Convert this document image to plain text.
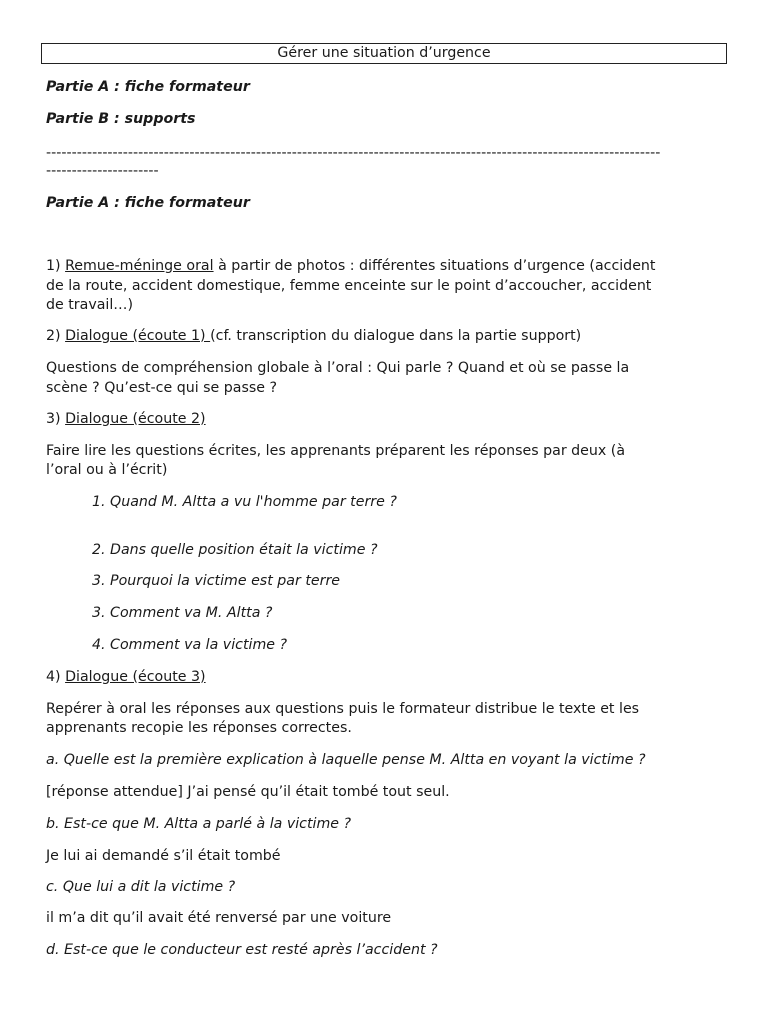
Gérer une situation d’urgence
Partie A : fiche formateur
Partie B : supports
------------------------------------------------------------------------------------------------------------------------
----------------------
Partie A : fiche formateur
1) Remue-méninge oral à partir de photos : différentes situations d’urgence (accident
de la route, accident domestique, femme enceinte sur le point d’accoucher, accident
de travail…)
2) Dialogue (écoute 1) (cf. transcription du dialogue dans la partie support)
Questions de compréhension globale à l’oral : Qui parle ? Quand et où se passe la
scène ? Qu’est-ce qui se passe ?
3) Dialogue (écoute 2)
Faire lire les questions écrites, les apprenants préparent les réponses par deux (à
l’oral ou à l’écrit)
1. Quand M. Altta a vu l'homme par terre ?
2. Dans quelle position était la victime ?
3. Pourquoi la victime est par terre
3. Comment va M. Altta ?
4. Comment va la victime ?
4) Dialogue (écoute 3)
Repérer à oral les réponses aux questions puis le formateur distribue le texte et les
apprenants recopie les réponses correctes.
a. Quelle est la première explication à laquelle pense M. Altta en voyant la victime ?
[réponse attendue] J’ai pensé qu’il était tombé tout seul.
b. Est-ce que M. Altta a parlé à la victime ?
Je lui ai demandé s’il était tombé
c. Que lui a dit la victime ?
il m’a dit qu’il avait été renversé par une voiture
d. Est-ce que le conducteur est resté après l’accident ?
